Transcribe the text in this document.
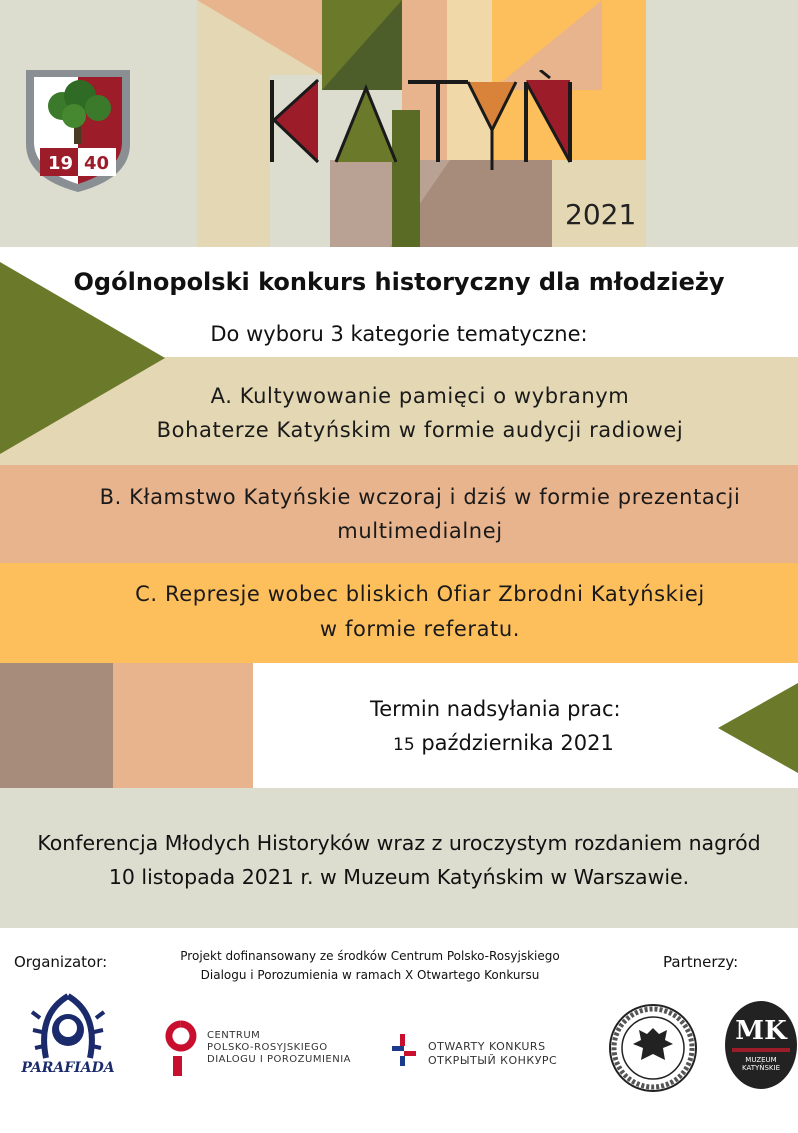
2021
19 40
Ogólnopolski konkurs historyczny dla młodzieży
Do wyboru 3 kategorie tematyczne:
A. Kultywowanie pamięci o wybranym
Bohaterze Katyńskim w formie audycji radiowej
B. Kłamstwo Katyńskie wczoraj i dziś w formie prezentacji
multimedialnej
C. Represje wobec bliskich Ofiar Zbrodni Katyńskiej
w formie referatu.
Termin nadsyłania prac:
15 października 2021
Konferencja Młodych Historyków wraz z uroczystym rozdaniem nagród
10 listopada 2021 r. w Muzeum Katyńskim w Warszawie.
Organizator:	Projekt dofinansowany ze środków Centrum Polsko-Rosyjskiego
Dialogu i Porozumienia w ramach X Otwartego Konkursu
Partnerzy:
PARAFIADA
CENTRUM
POLSKO-ROSYJSKIEGO
DIALOGU I POROZUMIENIA
OTWARTY KONKURS
ОТКРЫТЫЙ КОНКУРС
MK
MUZEUM KATYŃSKIE
